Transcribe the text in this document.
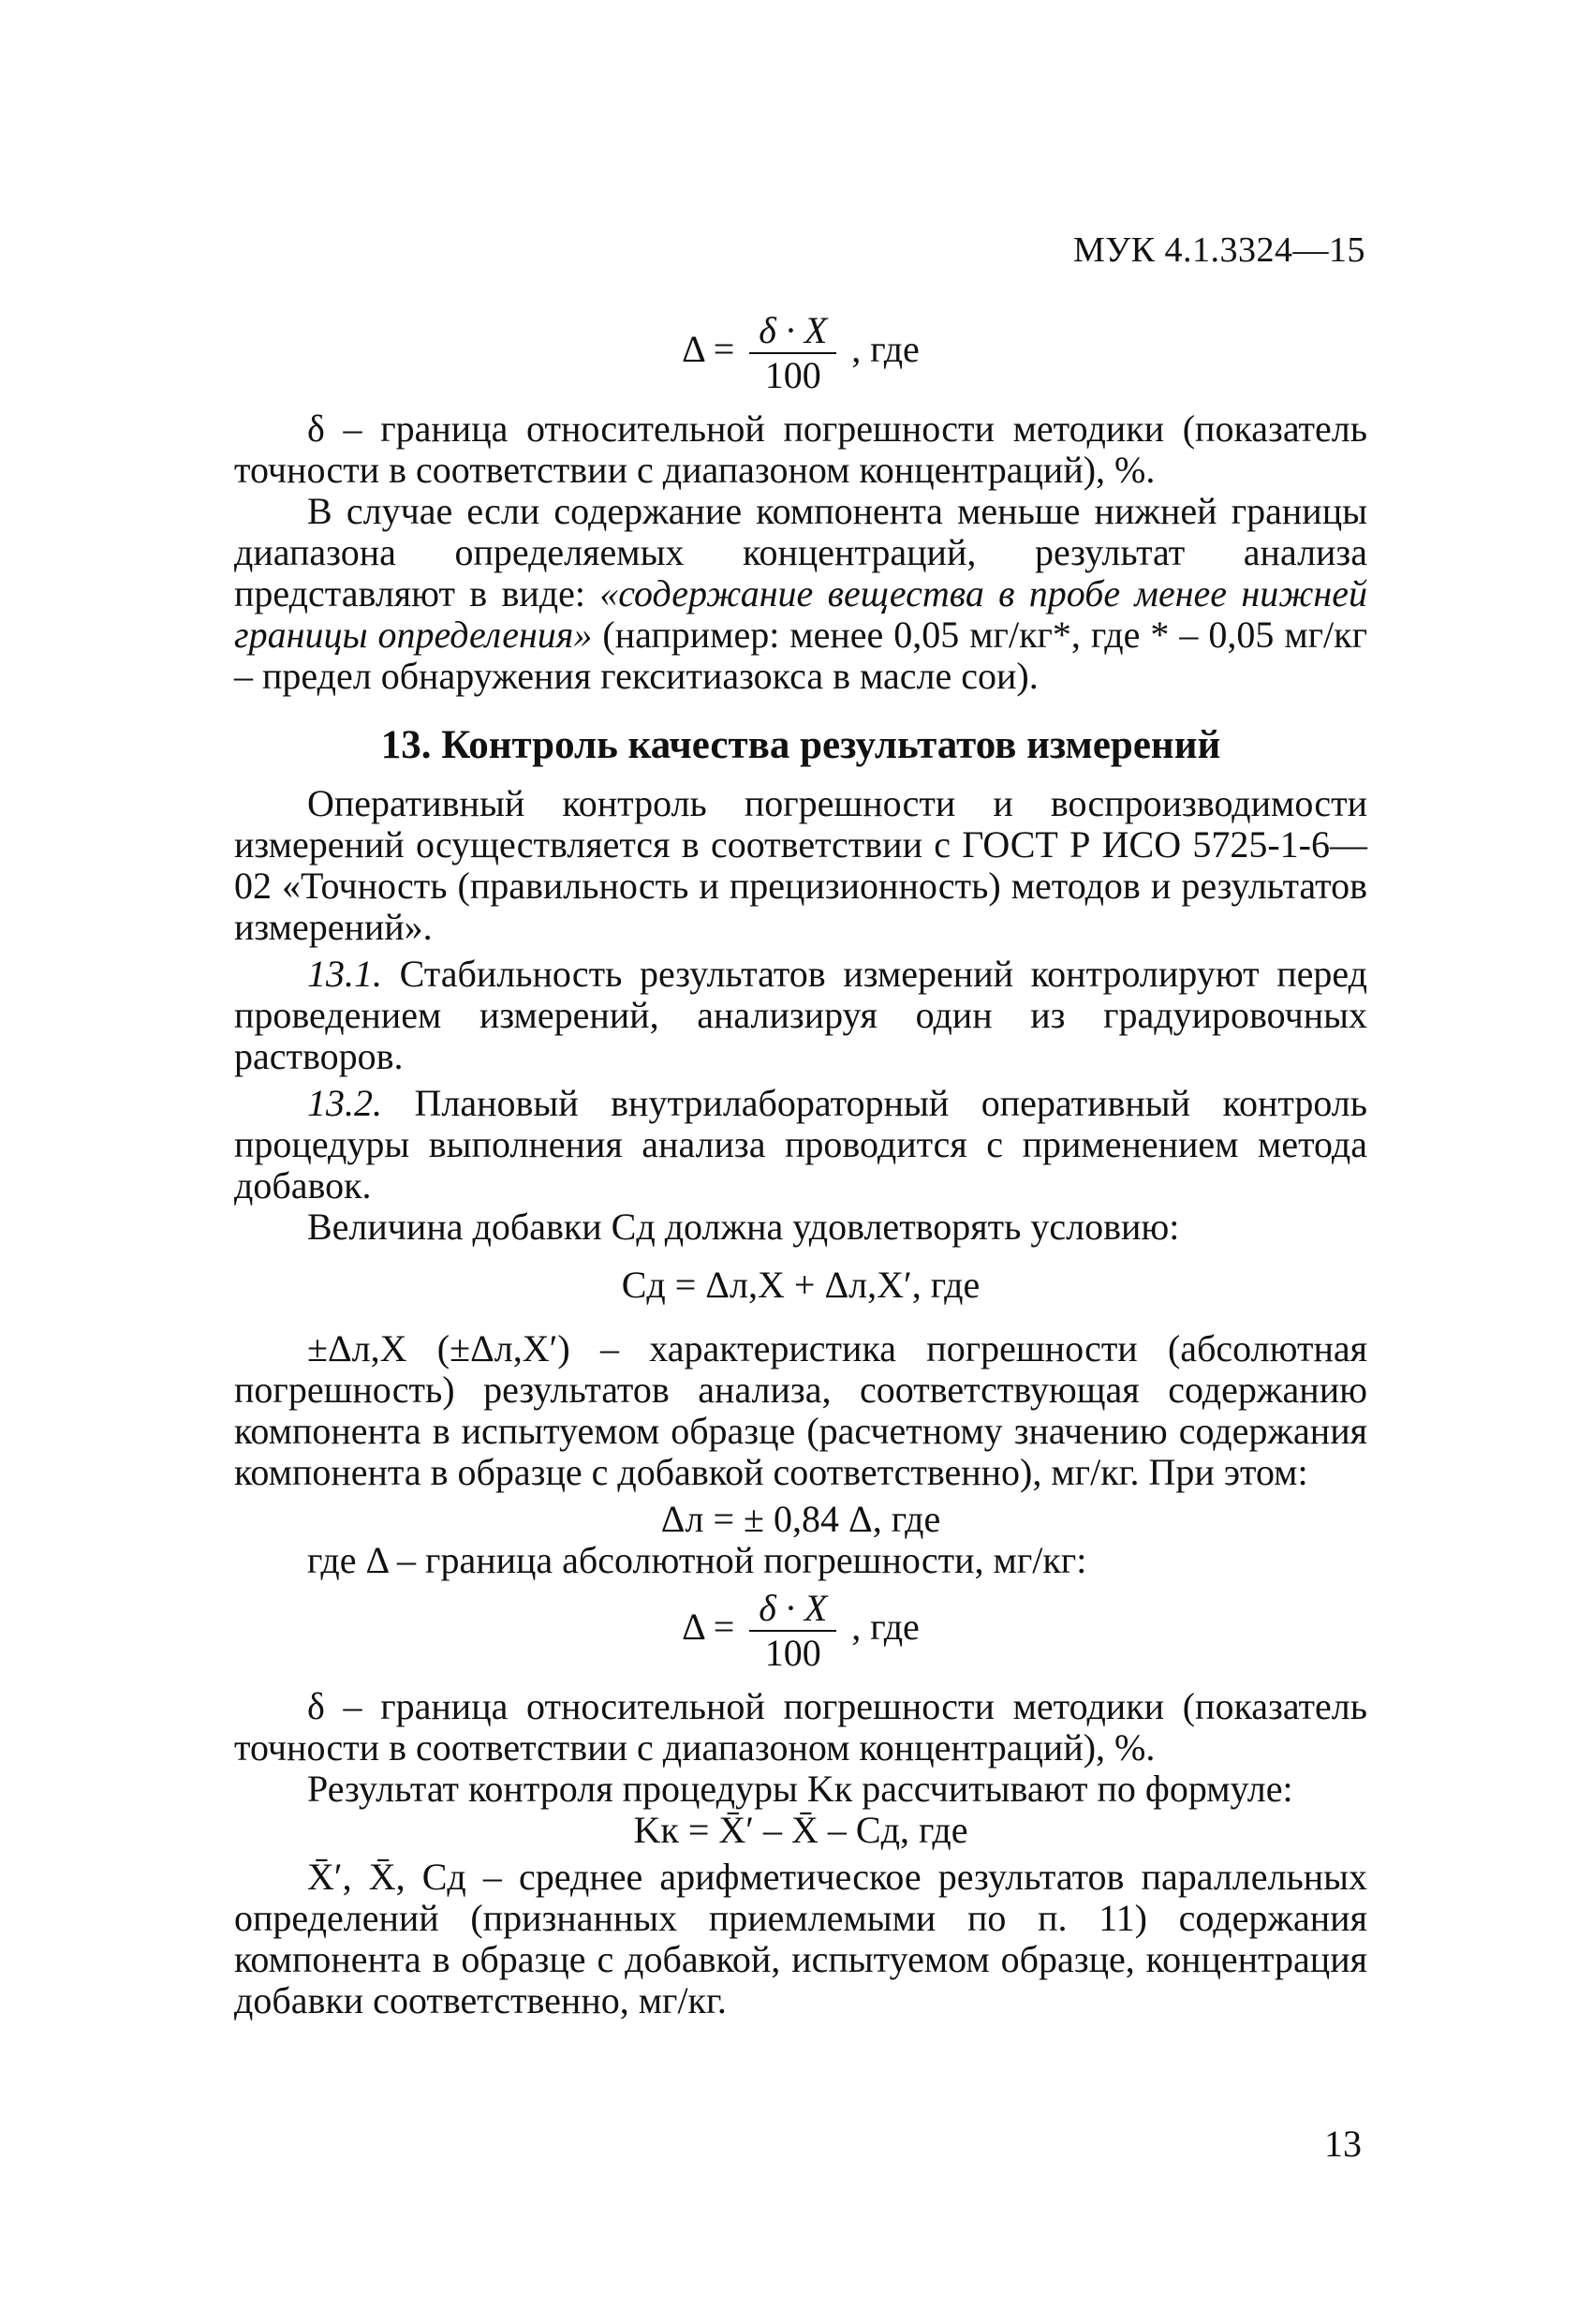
МУК 4.1.3324—15
$\Delta = \frac{\delta \cdot X}{100}$ , где

δ – граница относительной погрешности методики (показатель точности в соответствии с диапазоном концентраций), %.

В случае если содержание компонента меньше нижней границы диапазона определяемых концентраций, результат анализа представляют в виде: «содержание вещества в пробе менее нижней границы определения» (например: менее 0,05 мг/кг*, где * – 0,05 мг/кг – предел обнаружения гекситиазокса в масле сои).

13. Контроль качества результатов измерений

Оперативный контроль погрешности и воспроизводимости измерений осуществляется в соответствии с ГОСТ Р ИСО 5725-1-6—02 «Точность (правильность и прецизионность) методов и результатов измерений».

13.1. Стабильность результатов измерений контролируют перед проведением измерений, анализируя один из градуировочных растворов.

13.2. Плановый внутрилабораторный оперативный контроль процедуры выполнения анализа проводится с применением метода добавок.

Величина добавки Cд должна удовлетворять условию:

Cд = Δл,X + Δл,X′, где

±Δл,X (±Δл,X′) – характеристика погрешности (абсолютная погрешность) результатов анализа, соответствующая содержанию компонента в испытуемом образце (расчетному значению содержания компонента в образце с добавкой соответственно), мг/кг. При этом:

Δл = ± 0,84 Δ, где

где Δ – граница абсолютной погрешности, мг/кг:

$\Delta = \frac{\delta \cdot X}{100}$ , где

δ – граница относительной погрешности методики (показатель точности в соответствии с диапазоном концентраций), %.

Результат контроля процедуры Kк рассчитывают по формуле:

Kк = X̄′ – X̄ – Cд, где

X̄′, X̄, Cд – среднее арифметическое результатов параллельных определений (признанных приемлемыми по п. 11) содержания компонента в образце с добавкой, испытуемом образце, концентрация добавки соответственно, мг/кг.

13
